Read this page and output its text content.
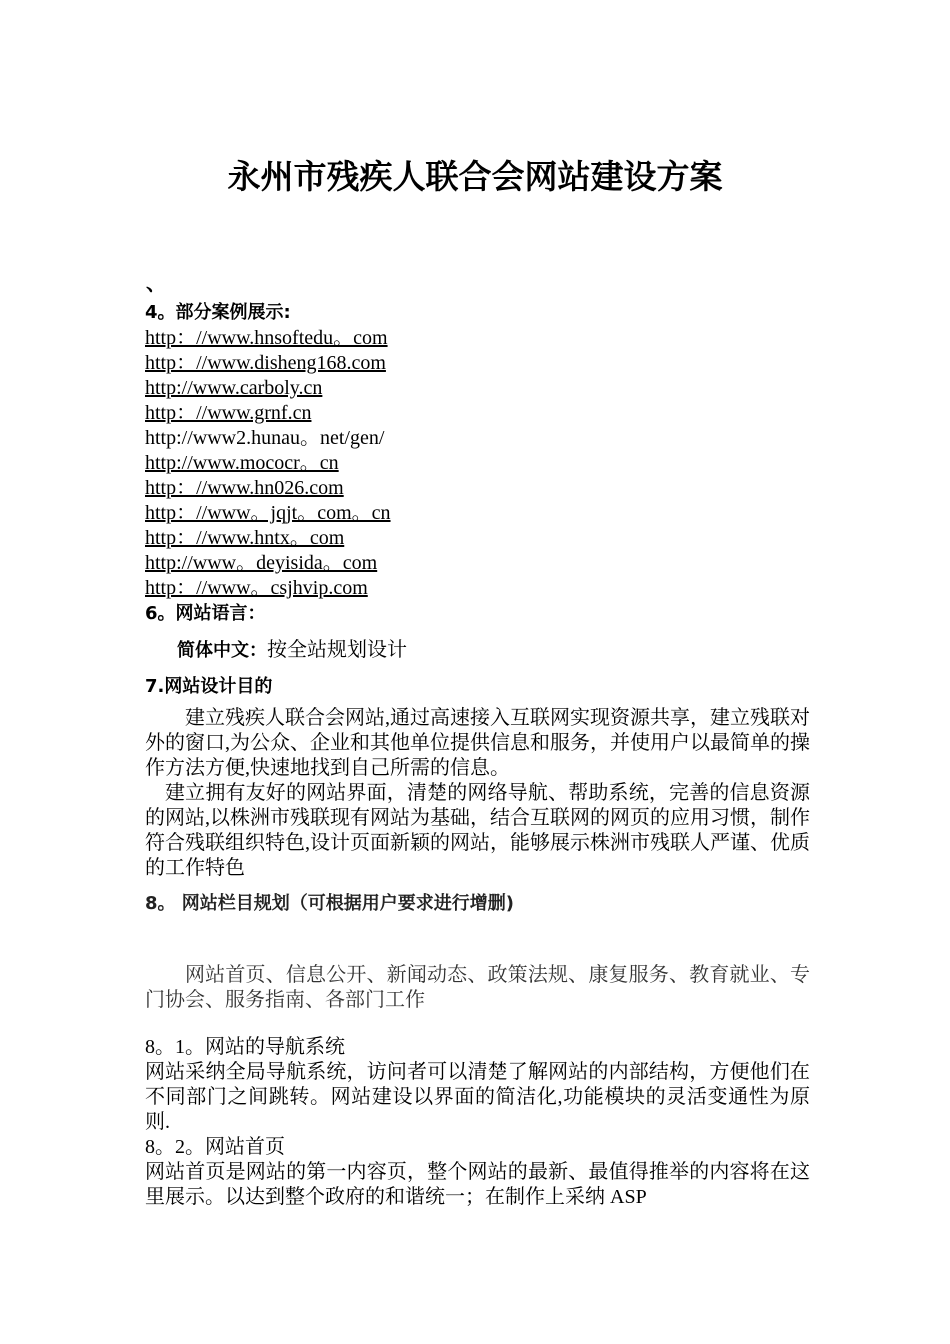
永州市残疾人联合会网站建设方案
、
4。部分案例展示:
http：//www.hnsoftedu。com
http：//www.disheng168.com
http://www.carboly.cn
http：//www.grnf.cn
http://www2.hunau。net/gen/
http://www.mococr。cn
http：//www.hn026.com
http：//www。jqjt。com。cn
http：//www.hntx。com
http://www。deyisida。com
http：//www。csjhvip.com
6。网站语言：
简体中文：按全站规划设计
7.网站设计目的
建立残疾人联合会网站,通过高速接入互联网实现资源共享，建立残联对外的窗口,为公众、企业和其他单位提供信息和服务，并使用户以最简单的操作方法方便,快速地找到自己所需的信息。
建立拥有友好的网站界面，清楚的网络导航、帮助系统，完善的信息资源的网站,以株洲市残联现有网站为基础，结合互联网的网页的应用习惯，制作符合残联组织特色,设计页面新颖的网站，能够展示株洲市残联人严谨、优质的工作特色
8。 网站栏目规划（可根据用户要求进行增删)
网站首页、信息公开、新闻动态、政策法规、康复服务、教育就业、专门协会、服务指南、各部门工作
8。1。网站的导航系统
网站采纳全局导航系统，访问者可以清楚了解网站的内部结构，方便他们在不同部门之间跳转。网站建设以界面的简洁化,功能模块的灵活变通性为原则.
8。2。网站首页
网站首页是网站的第一内容页，整个网站的最新、最值得推举的内容将在这里展示。以达到整个政府的和谐统一；在制作上采纳 ASP
